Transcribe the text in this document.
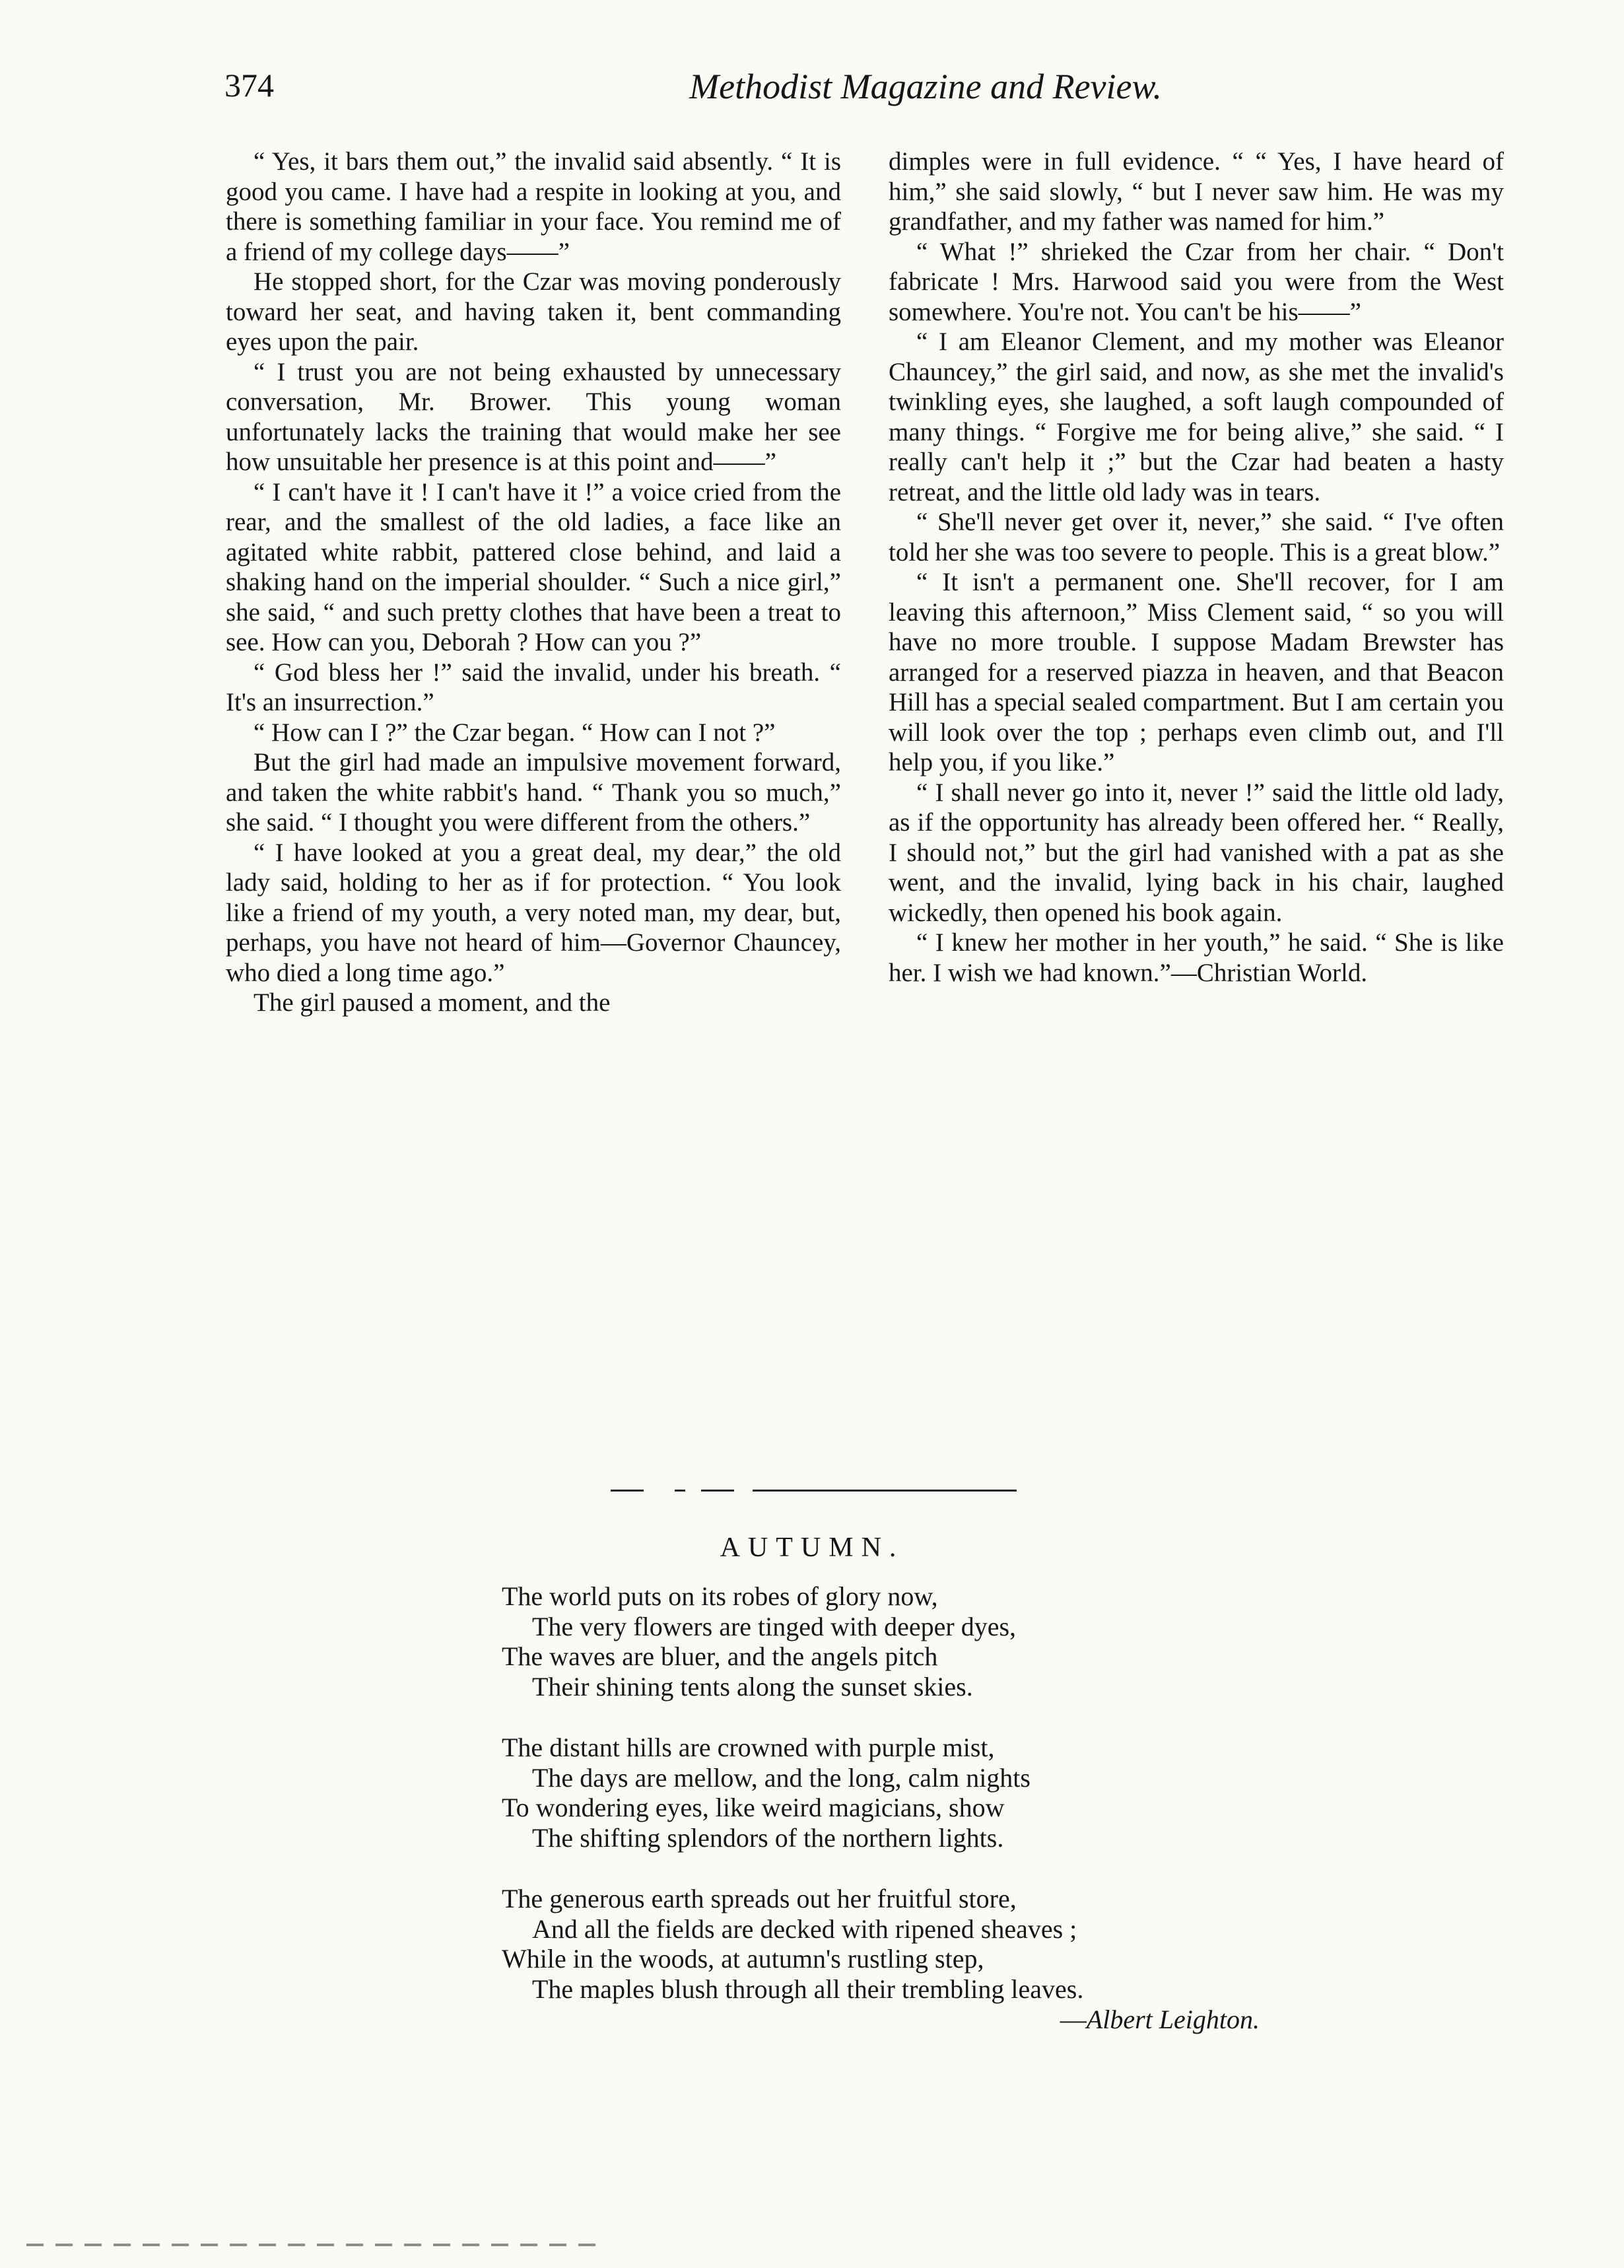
374	Methodist Magazine and Review.

“ Yes, it bars them out,” the invalid said absently. “ It is good you came. I have had a respite in looking at you, and there is something familiar in your face. You remind me of a friend of my college days——”

He stopped short, for the Czar was moving ponderously toward her seat, and having taken it, bent commanding eyes upon the pair.

“ I trust you are not being exhausted by unnecessary conversation, Mr. Brower. This young woman unfortunately lacks the training that would make her see how unsuitable her presence is at this point and——”

“ I can't have it ! I can't have it !” a voice cried from the rear, and the smallest of the old ladies, a face like an agitated white rabbit, pattered close behind, and laid a shaking hand on the imperial shoulder. “ Such a nice girl,” she said, “ and such pretty clothes that have been a treat to see. How can you, Deborah ? How can you ?”

“ God bless her !” said the invalid, under his breath. “ It's an insurrection.”

“ How can I ?” the Czar began. “ How can I not ?”

But the girl had made an impulsive movement forward, and taken the white rabbit's hand. “ Thank you so much,” she said. “ I thought you were different from the others.”

“ I have looked at you a great deal, my dear,” the old lady said, holding to her as if for protection. “ You look like a friend of my youth, a very noted man, my dear, but, perhaps, you have not heard of him—Governor Chauncey, who died a long time ago.”

The girl paused a moment, and the

dimples were in full evidence. “ “ Yes, I have heard of him,” she said slowly, “ but I never saw him. He was my grandfather, and my father was named for him.”

“ What !” shrieked the Czar from her chair. “ Don't fabricate ! Mrs. Harwood said you were from the West somewhere. You're not. You can't be his——”

“ I am Eleanor Clement, and my mother was Eleanor Chauncey,” the girl said, and now, as she met the invalid's twinkling eyes, she laughed, a soft laugh compounded of many things. “ Forgive me for being alive,” she said. “ I really can't help it ;” but the Czar had beaten a hasty retreat, and the little old lady was in tears.

“ She'll never get over it, never,” she said. “ I've often told her she was too severe to people. This is a great blow.”

“ It isn't a permanent one. She'll recover, for I am leaving this afternoon,” Miss Clement said, “ so you will have no more trouble. I suppose Madam Brewster has arranged for a reserved piazza in heaven, and that Beacon Hill has a special sealed compartment. But I am certain you will look over the top ; perhaps even climb out, and I'll help you, if you like.”

“ I shall never go into it, never !” said the little old lady, as if the opportunity has already been offered her. “ Really, I should not,” but the girl had vanished with a pat as she went, and the invalid, lying back in his chair, laughed wickedly, then opened his book again.

“ I knew her mother in her youth,” he said. “ She is like her. I wish we had known.”—Christian World.

AUTUMN.
The world puts on its robes of glory now,
The very flowers are tinged with deeper dyes,
The waves are bluer, and the angels pitch
Their shining tents along the sunset skies.
The distant hills are crowned with purple mist,
The days are mellow, and the long, calm nights
To wondering eyes, like weird magicians, show
The shifting splendors of the northern lights.
The generous earth spreads out her fruitful store,
And all the fields are decked with ripened sheaves ;
While in the woods, at autumn's rustling step,
The maples blush through all their trembling leaves.
—Albert Leighton.
